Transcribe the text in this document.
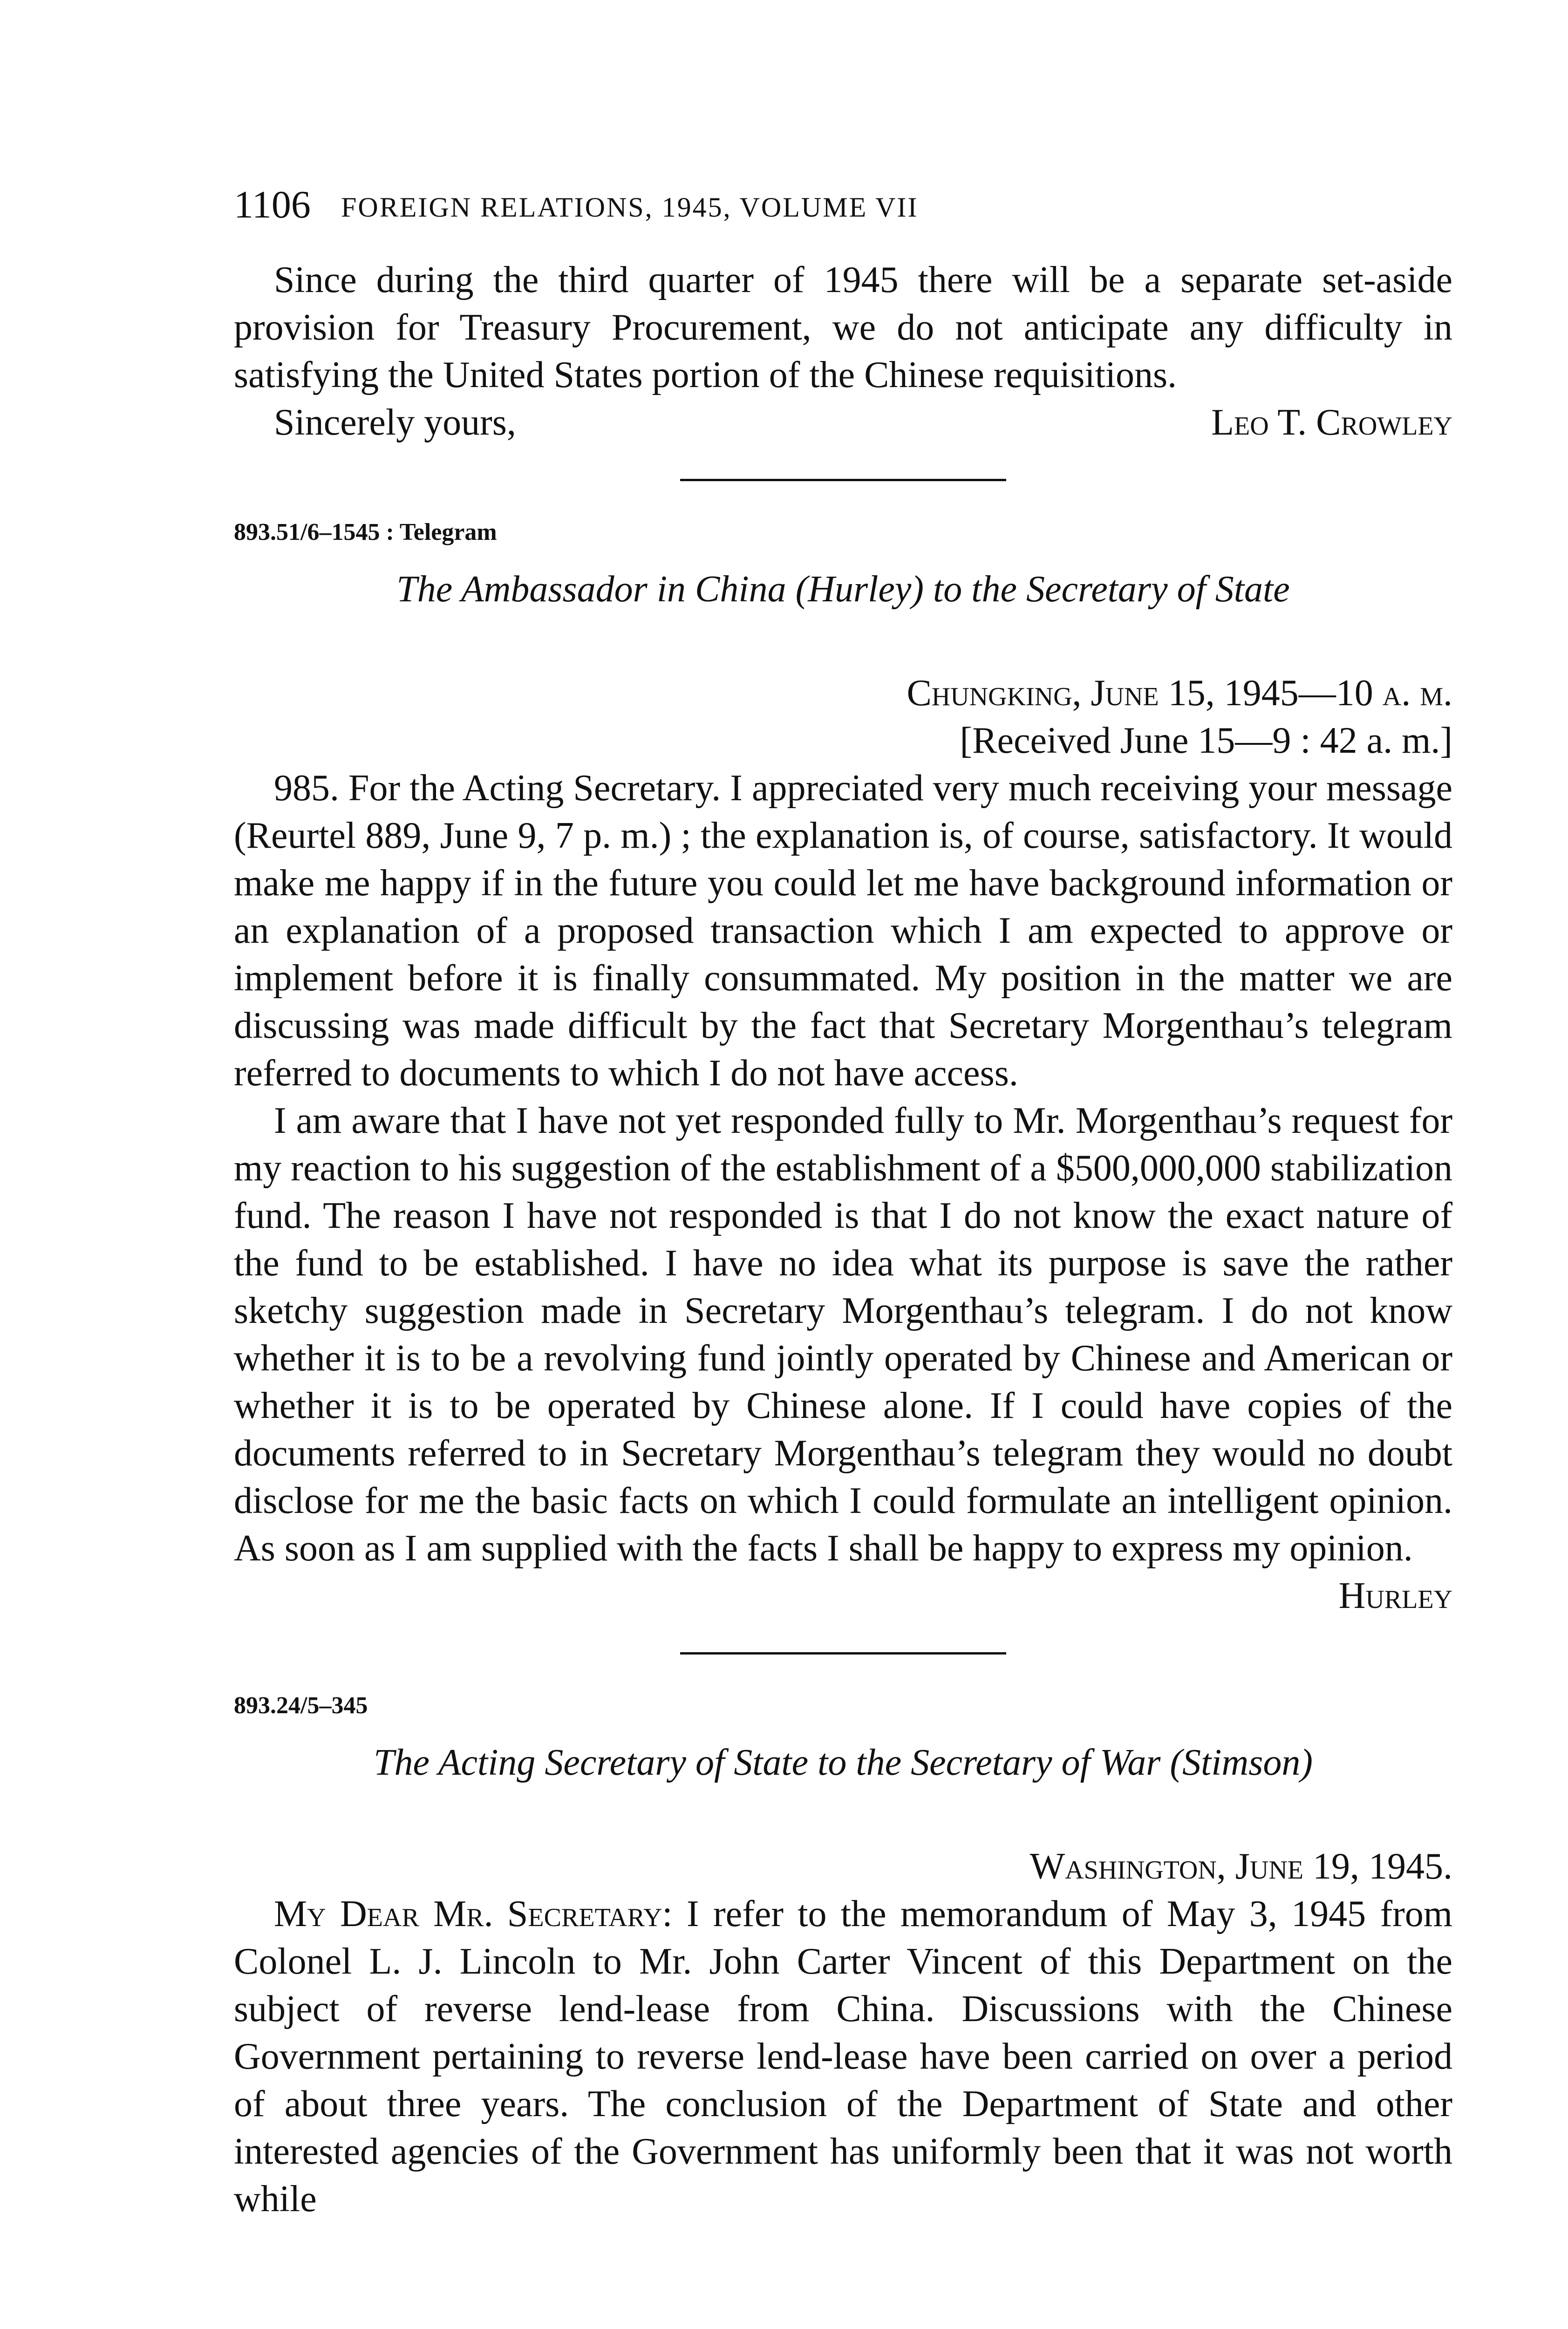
1106 FOREIGN RELATIONS, 1945, VOLUME VII

Since during the third quarter of 1945 there will be a separate set-aside provision for Treasury Procurement, we do not anticipate any difficulty in satisfying the United States portion of the Chinese requisitions.

Sincerely yours,	Leo T. Crowley
893.51/6–1545 : Telegram
The Ambassador in China (Hurley) to the Secretary of State
Chungking, June 15, 1945—10 a. m.
[Received June 15—9 : 42 a. m.]

985. For the Acting Secretary. I appreciated very much receiving your message (Reurtel 889, June 9, 7 p. m.) ; the explanation is, of course, satisfactory. It would make me happy if in the future you could let me have background information or an explanation of a proposed transaction which I am expected to approve or implement before it is finally consummated. My position in the matter we are discussing was made difficult by the fact that Secretary Morgenthau’s telegram referred to documents to which I do not have access.

I am aware that I have not yet responded fully to Mr. Morgenthau’s request for my reaction to his suggestion of the establishment of a $500,000,000 stabilization fund. The reason I have not responded is that I do not know the exact nature of the fund to be established. I have no idea what its purpose is save the rather sketchy suggestion made in Secretary Morgenthau’s telegram. I do not know whether it is to be a revolving fund jointly operated by Chinese and American or whether it is to be operated by Chinese alone. If I could have copies of the documents referred to in Secretary Morgenthau’s telegram they would no doubt disclose for me the basic facts on which I could formulate an intelligent opinion. As soon as I am supplied with the facts I shall be happy to express my opinion.

Hurley
893.24/5–345
The Acting Secretary of State to the Secretary of War (Stimson)
Washington, June 19, 1945.

My Dear Mr. Secretary: I refer to the memorandum of May 3, 1945 from Colonel L. J. Lincoln to Mr. John Carter Vincent of this Department on the subject of reverse lend-lease from China. Discussions with the Chinese Government pertaining to reverse lend-lease have been carried on over a period of about three years. The conclusion of the Department of State and other interested agencies of the Government has uniformly been that it was not worth while
